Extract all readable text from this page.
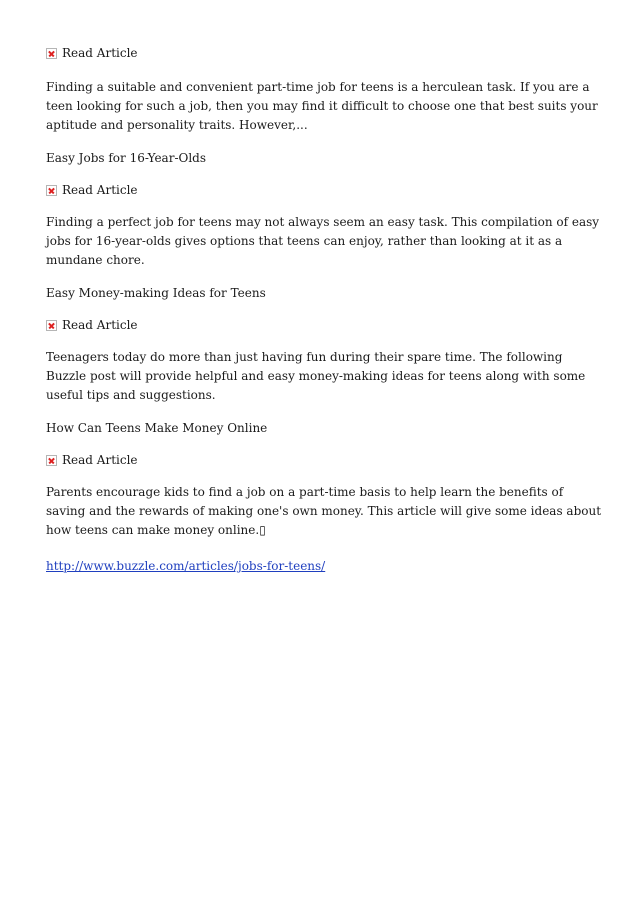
Read Article

Finding a suitable and convenient part-time job for teens is a herculean task. If you are a teen looking for such a job, then you may find it difficult to choose one that best suits your aptitude and personality traits. However,...

Easy Jobs for 16-Year-Olds

Read Article

Finding a perfect job for teens may not always seem an easy task. This compilation of easy jobs for 16-year-olds gives options that teens can enjoy, rather than looking at it as a mundane chore.

Easy Money-making Ideas for Teens

Read Article

Teenagers today do more than just having fun during their spare time. The following Buzzle post will provide helpful and easy money-making ideas for teens along with some useful tips and suggestions.

How Can Teens Make Money Online

Read Article

Parents encourage kids to find a job on a part-time basis to help learn the benefits of saving and the rewards of making one's own money. This article will give some ideas about how teens can make money online.▯

http://www.buzzle.com/articles/jobs-for-teens/
